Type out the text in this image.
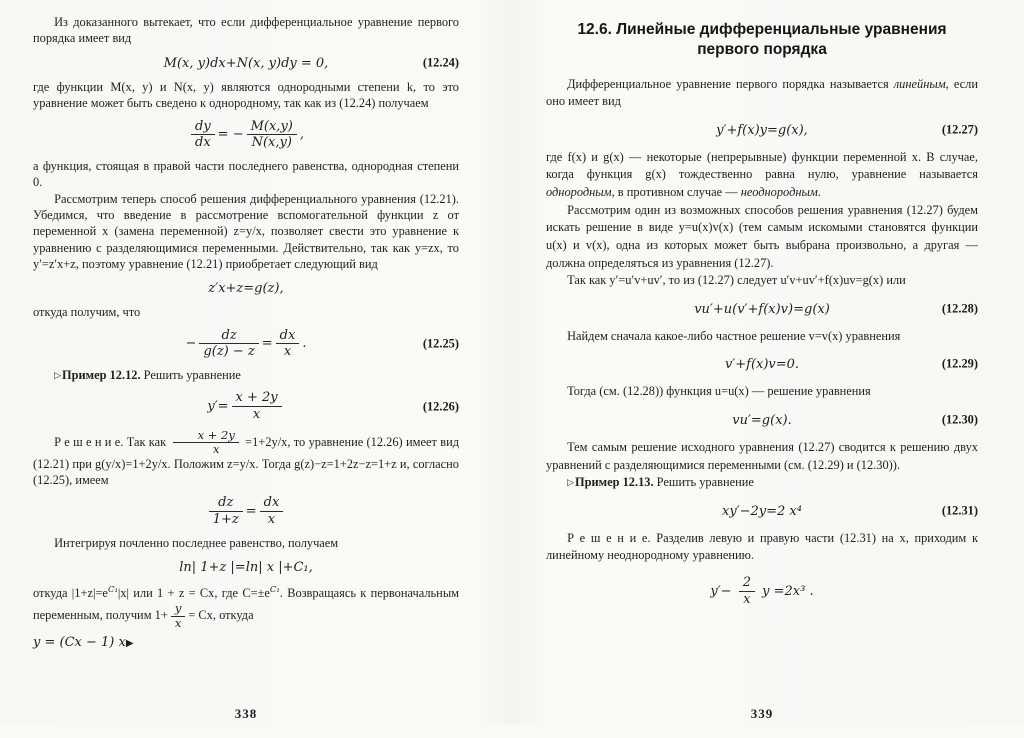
Из доказанного вытекает, что если дифференциальное уравнение первого порядка имеет вид

M(x, y)dx+N(x, y)dy = 0,	(12.24)

где функции M(x, y) и N(x, y) являются однородными степени k, то это уравнение может быть сведено к однородному, так как из (12.24) получаем

$\frac{dy}{dx}$ = − $\frac{M(x,y)}{N(x,y)}$ ,

а функция, стоящая в правой части последнего равенства, однородная степени 0.

Рассмотрим теперь способ решения дифференциального уравнения (12.21). Убедимся, что введение в рассмотрение вспомогательной функции z от переменной x (замена переменной) z=y/x, позволяет свести это уравнение к уравнению с разделяющимися переменными. Действительно, так как y=zx, то y′=z′x+z, поэтому уравнение (12.21) приобретает следующий вид

z′x+z=g(z),

откуда получим, что

− $\frac{dz}{g(z) - z} = \frac{dx}{x}$ .	(12.25)

▷Пример 12.12. Решить уравнение

$y'= \frac{x + 2y}{x}$	(12.26)

Р е ш е н и е. Так как $\frac{x + 2y}{x} =1+2y/x$, то уравнение (12.26) имеет вид (12.21) при g(y/x)=1+2y/x. Положим z=y/x. Тогда g(z)−z=1+2z−z=1+z и, согласно (12.25), имеем

$\frac{dz}{1+z} = \frac{dx}{x}$

Интегрируя почленно последнее равенство, получаем

ln| 1+z |=ln| x |+C₁,

откуда $|1+z|=e^{C_1}|x|$ или 1 + z = Cx, где $C=\pm e^{C_1}$. Возвращаясь к первоначальным переменным, получим $1+ \frac{y}{x} = Cx$, откуда

y = (Cx − 1) x▶
338
12.6. Линейные дифференциальные уравнения первого порядка

Дифференциальное уравнение первого порядка называется линейным, если оно имеет вид

y′+f(x)y=g(x),	(12.27)

где f(x) и g(x) — некоторые (непрерывные) функции переменной x. В случае, когда функция g(x) тождественно равна нулю, уравнение называется однородным, в противном случае — неоднородным.

Рассмотрим один из возможных способов решения уравнения (12.27) будем искать решение в виде y=u(x)v(x) (тем самым искомыми становятся функции u(x) и v(x), одна из которых может быть выбрана произвольно, а другая — должна определяться из уравнения (12.27).

Так как y′=u′v+uv′, то из (12.27) следует u′v+uv′+f(x)uv=g(x) или

vu′+u(v′+f(x)v)=g(x)	(12.28)

Найдем сначала какое-либо частное решение v=v(x) уравнения

v′+f(x)v=0.	(12.29)

Тогда (см. (12.28)) функция u=u(x) — решение уравнения

vu′=g(x).	(12.30)

Тем самым решение исходного уравнения (12.27) сводится к решению двух уравнений с разделяющимися переменными (см. (12.29) и (12.30)).

▷Пример 12.13. Решить уравнение

xy′−2y=2 x⁴	(12.31)

Р е ш е н и е. Разделив левую и правую части (12.31) на x, приходим к линейному неоднородному уравнению.

$y'- \frac{2}{x}$ y =2x³ .
339
